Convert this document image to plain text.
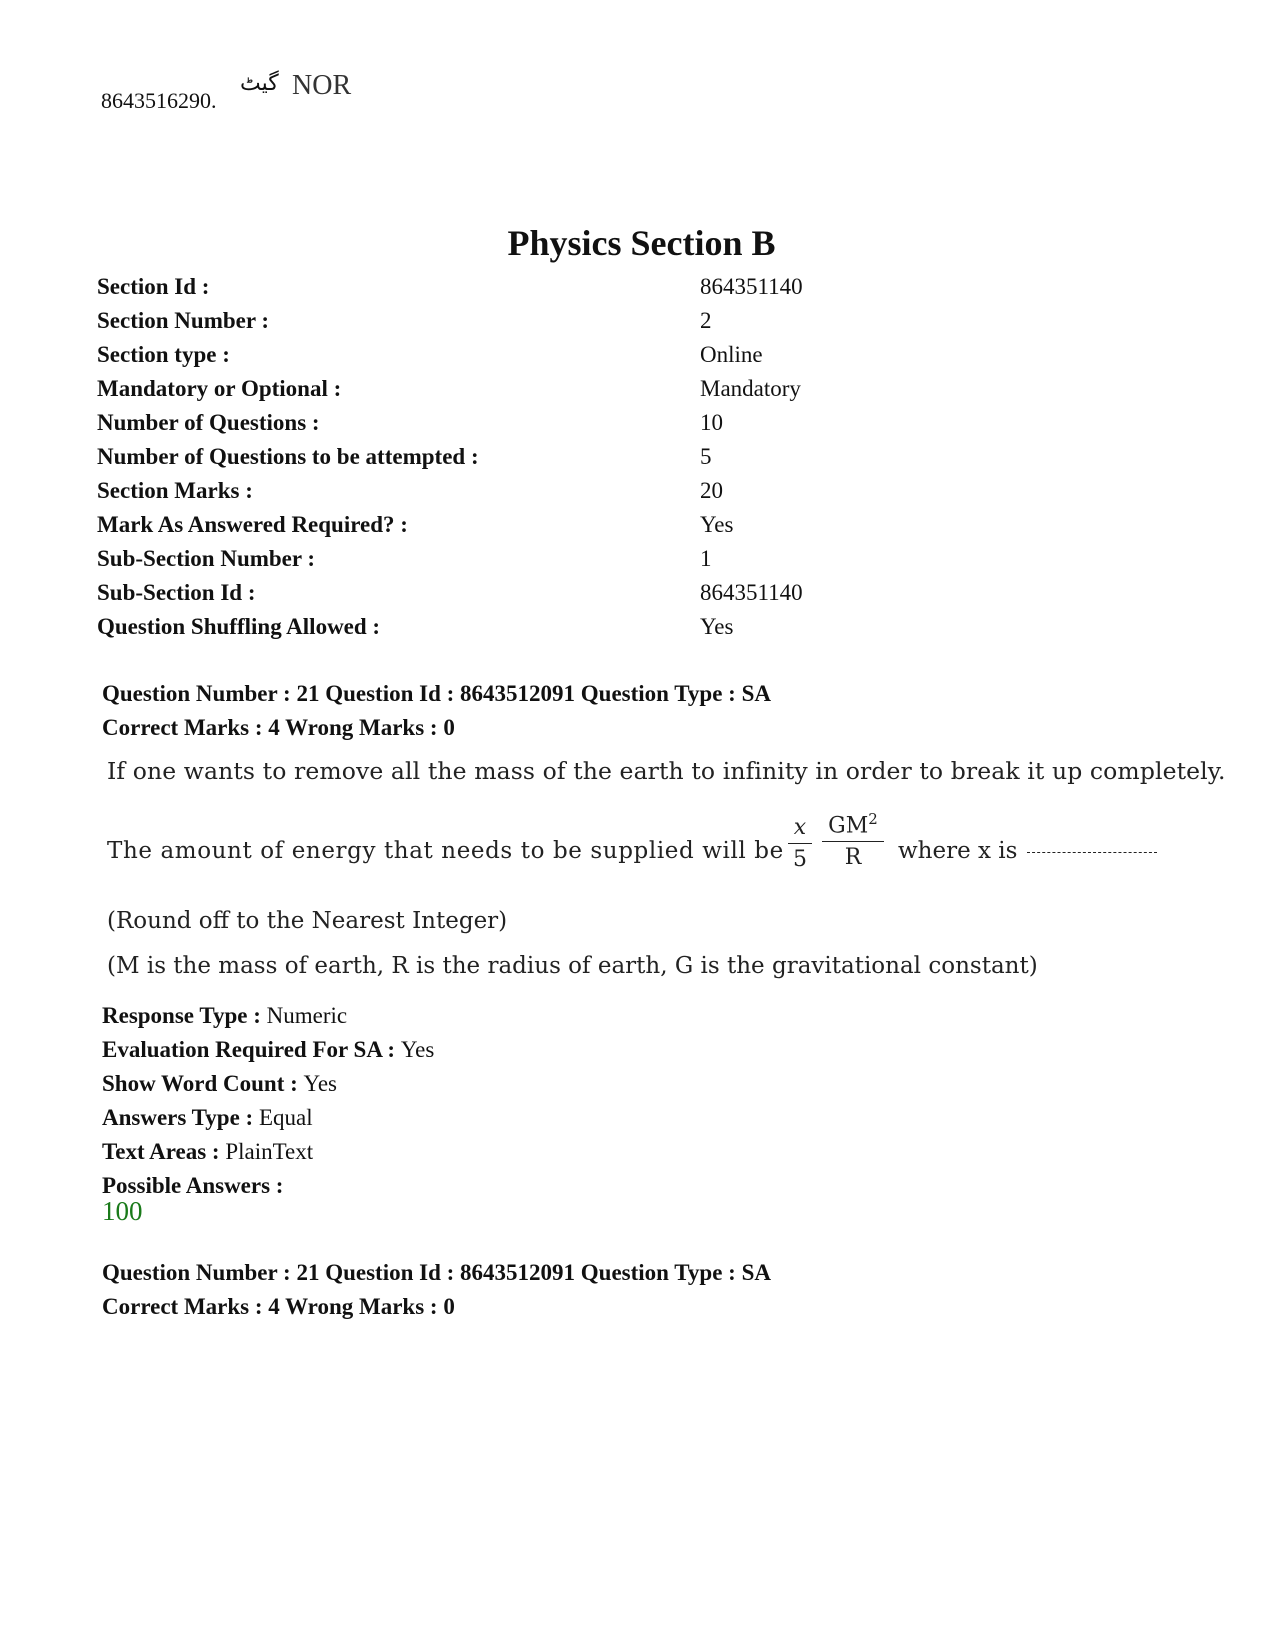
8643516290.
گیٹ NOR
Physics Section B
Section Id :	864351140
Section Number :	2
Section type :	Online
Mandatory or Optional :	Mandatory
Number of Questions :	10
Number of Questions to be attempted :	5
Section Marks :	20
Mark As Answered Required? :	Yes
Sub-Section Number :	1
Sub-Section Id :	864351140
Question Shuffling Allowed :	Yes
Question Number : 21 Question Id : 8643512091 Question Type : SA
Correct Marks : 4 Wrong Marks : 0
If one wants to remove all the mass of the earth to infinity in order to break it up completely.
The amount of energy that needs to be supplied will be $\frac{x}{5} \frac{GM^2}{R}$ where x is
(Round off to the Nearest Integer)
(M is the mass of earth, R is the radius of earth, G is the gravitational constant)
Response Type : Numeric
Evaluation Required For SA : Yes
Show Word Count : Yes
Answers Type : Equal
Text Areas : PlainText
Possible Answers :
100
Question Number : 21 Question Id : 8643512091 Question Type : SA
Correct Marks : 4 Wrong Marks : 0
